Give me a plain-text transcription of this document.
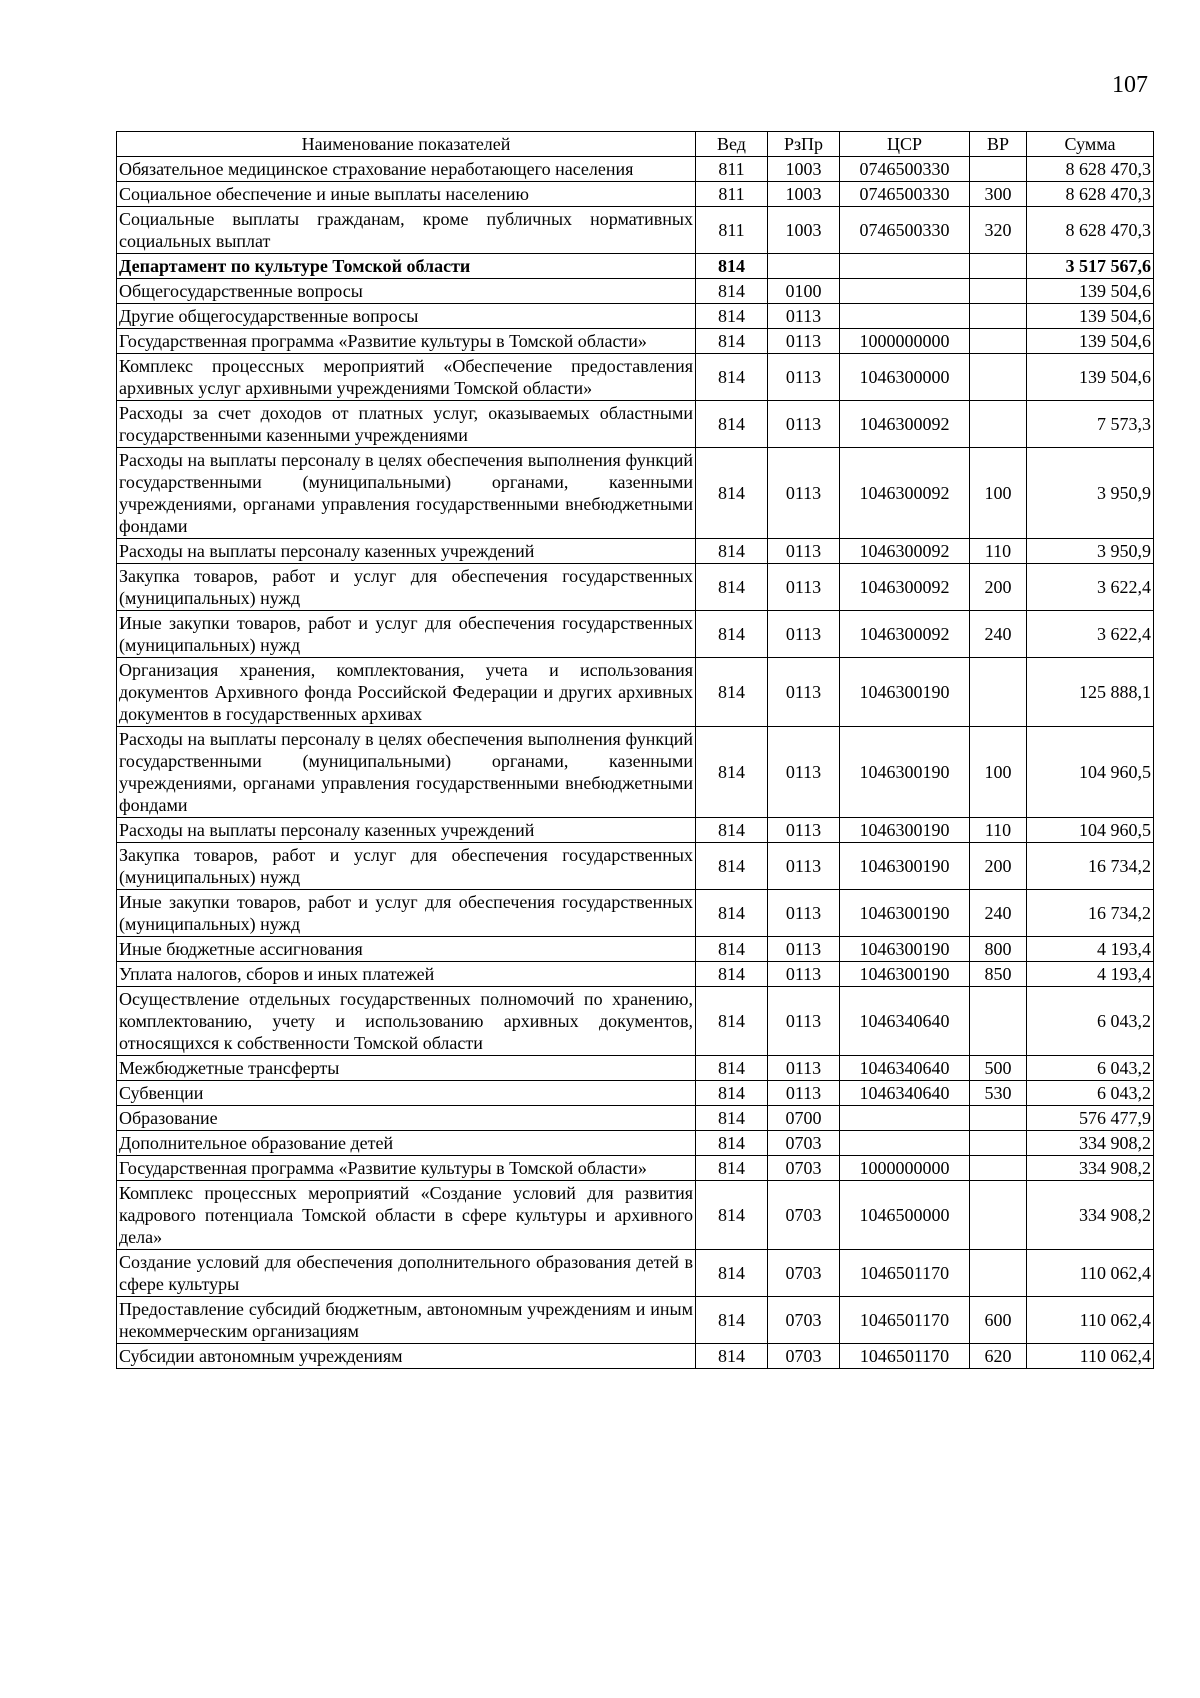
107
Наименование показателей	Вед	РзПр	ЦСР	ВР	Сумма
Обязательное медицинское страхование неработающего населения	811	1003	0746500330		8 628 470,3
Социальное обеспечение и иные выплаты населению	811	1003	0746500330	300	8 628 470,3
Социальные выплаты гражданам, кроме публичных нормативных социальных выплат	811	1003	0746500330	320	8 628 470,3
Департамент по культуре Томской области	814				3 517 567,6
Общегосударственные вопросы	814	0100			139 504,6
Другие общегосударственные вопросы	814	0113			139 504,6
Государственная программа «Развитие культуры в Томской области»	814	0113	1000000000		139 504,6
Комплекс процессных мероприятий «Обеспечение предоставления архивных услуг архивными учреждениями Томской области»	814	0113	1046300000		139 504,6
Расходы за счет доходов от платных услуг, оказываемых областными государственными казенными учреждениями	814	0113	1046300092		7 573,3
Расходы на выплаты персоналу в целях обеспечения выполнения функций государственными (муниципальными) органами, казенными учреждениями, органами управления государственными внебюджетными фондами	814	0113	1046300092	100	3 950,9
Расходы на выплаты персоналу казенных учреждений	814	0113	1046300092	110	3 950,9
Закупка товаров, работ и услуг для обеспечения государственных (муниципальных) нужд	814	0113	1046300092	200	3 622,4
Иные закупки товаров, работ и услуг для обеспечения государственных (муниципальных) нужд	814	0113	1046300092	240	3 622,4
Организация хранения, комплектования, учета и использования документов Архивного фонда Российской Федерации и других архивных документов в государственных архивах	814	0113	1046300190		125 888,1
Расходы на выплаты персоналу в целях обеспечения выполнения функций государственными (муниципальными) органами, казенными учреждениями, органами управления государственными внебюджетными фондами	814	0113	1046300190	100	104 960,5
Расходы на выплаты персоналу казенных учреждений	814	0113	1046300190	110	104 960,5
Закупка товаров, работ и услуг для обеспечения государственных (муниципальных) нужд	814	0113	1046300190	200	16 734,2
Иные закупки товаров, работ и услуг для обеспечения государственных (муниципальных) нужд	814	0113	1046300190	240	16 734,2
Иные бюджетные ассигнования	814	0113	1046300190	800	4 193,4
Уплата налогов, сборов и иных платежей	814	0113	1046300190	850	4 193,4
Осуществление отдельных государственных полномочий по хранению, комплектованию, учету и использованию архивных документов, относящихся к собственности Томской области	814	0113	1046340640		6 043,2
Межбюджетные трансферты	814	0113	1046340640	500	6 043,2
Субвенции	814	0113	1046340640	530	6 043,2
Образование	814	0700			576 477,9
Дополнительное образование детей	814	0703			334 908,2
Государственная программа «Развитие культуры в Томской области»	814	0703	1000000000		334 908,2
Комплекс процессных мероприятий «Создание условий для развития кадрового потенциала Томской области в сфере культуры и архивного дела»	814	0703	1046500000		334 908,2
Создание условий для обеспечения дополнительного образования детей в сфере культуры	814	0703	1046501170		110 062,4
Предоставление субсидий бюджетным, автономным учреждениям и иным некоммерческим организациям	814	0703	1046501170	600	110 062,4
Субсидии автономным учреждениям	814	0703	1046501170	620	110 062,4
